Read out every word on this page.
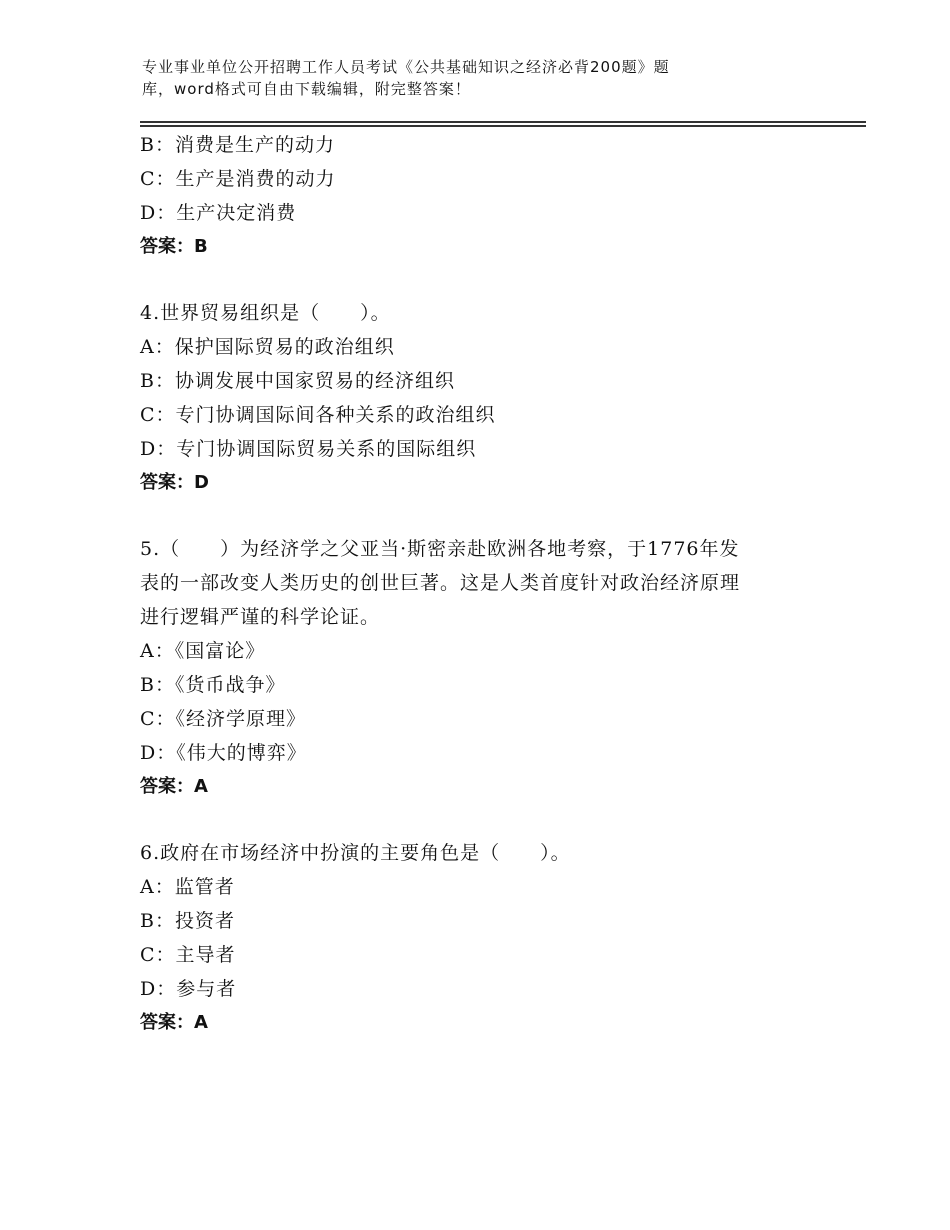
专业事业单位公开招聘工作人员考试《公共基础知识之经济必背200题》题
库，word格式可自由下载编辑，附完整答案！
B：消费是生产的动力
C：生产是消费的动力
D：生产决定消费
答案：B
4.世界贸易组织是（　　）。
A：保护国际贸易的政治组织
B：协调发展中国家贸易的经济组织
C：专门协调国际间各种关系的政治组织
D：专门协调国际贸易关系的国际组织
答案：D
5.（　　）为经济学之父亚当·斯密亲赴欧洲各地考察，于1776年发
表的一部改变人类历史的创世巨著。这是人类首度针对政治经济原理
进行逻辑严谨的科学论证。
A：《国富论》
B：《货币战争》
C：《经济学原理》
D：《伟大的博弈》
答案：A
6.政府在市场经济中扮演的主要角色是（　　）。
A：监管者
B：投资者
C：主导者
D：参与者
答案：A
